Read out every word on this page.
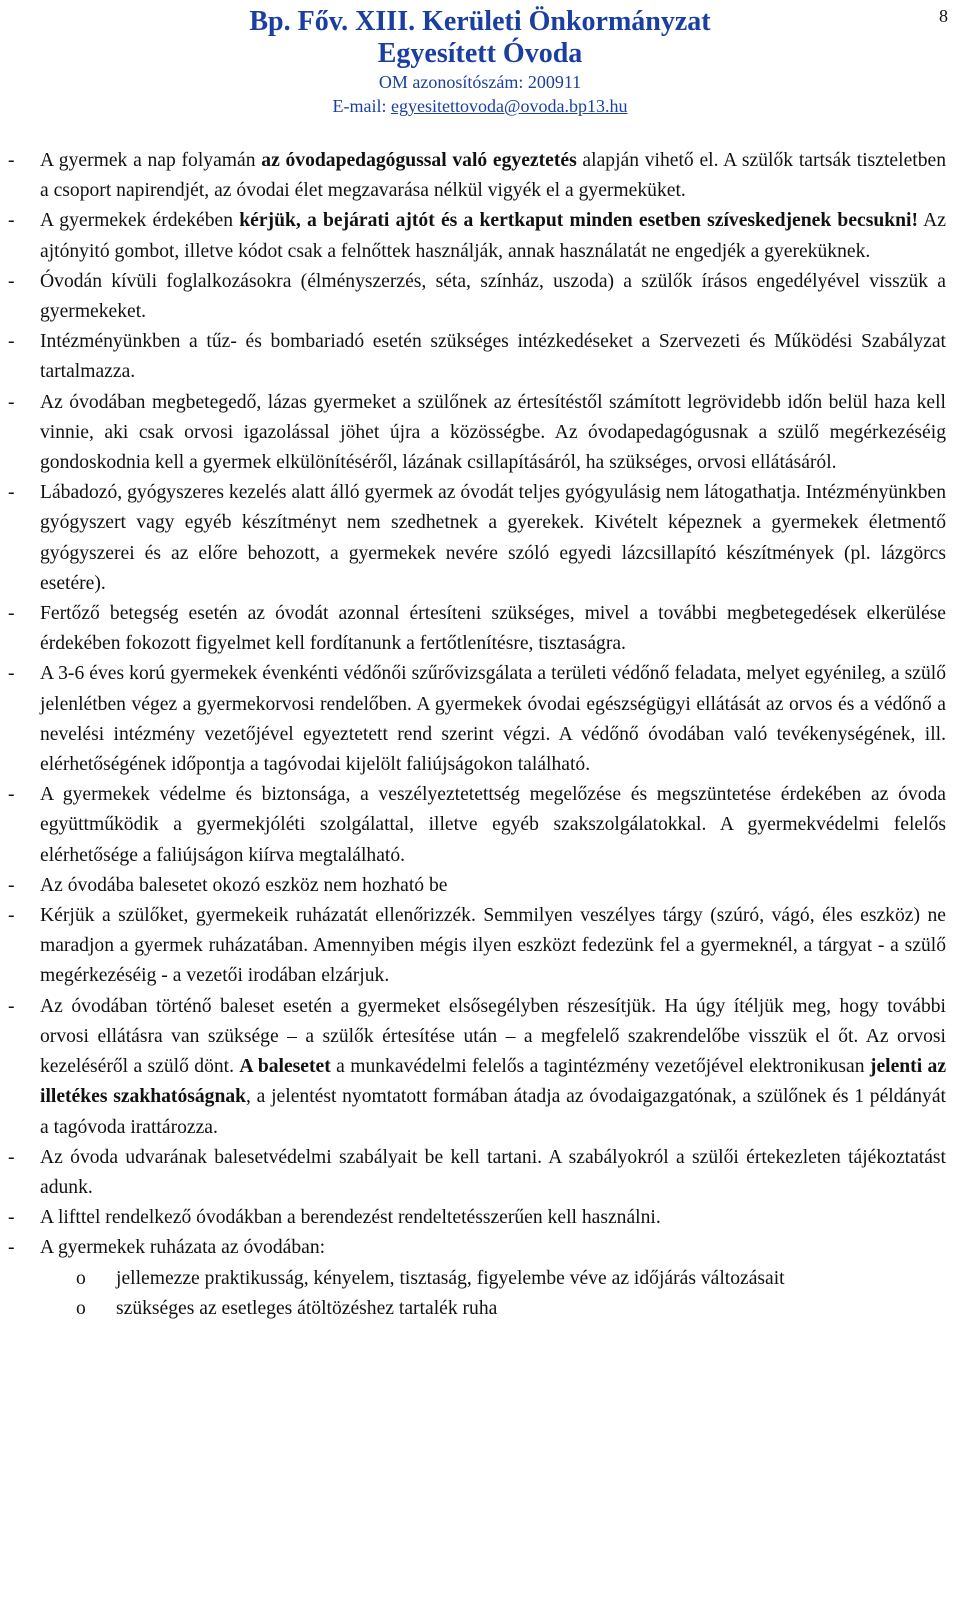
Bp. Főv. XIII. Kerületi Önkormányzat
Egyesített Óvoda
OM azonosítószám: 200911
E-mail: egyesitettovoda@ovoda.bp13.hu
8

-	A gyermek a nap folyamán az óvodapedagógussal való egyeztetés alapján vihető el. A szülők tartsák tiszteletben a csoport napirendjét, az óvodai élet megzavarása nélkül vigyék el a gyermeküket.

-	A gyermekek érdekében kérjük, a bejárati ajtót és a kertkaput minden esetben szíveskedjenek becsukni! Az ajtónyitó gombot, illetve kódot csak a felnőttek használják, annak használatát ne engedjék a gyereküknek.

-	Óvodán kívüli foglalkozásokra (élményszerzés, séta, színház, uszoda) a szülők írásos engedélyével visszük a gyermekeket.

-	Intézményünkben a tűz- és bombariadó esetén szükséges intézkedéseket a Szervezeti és Működési Szabályzat tartalmazza.

-	Az óvodában megbetegedő, lázas gyermeket a szülőnek az értesítéstől számított legrövidebb időn belül haza kell vinnie, aki csak orvosi igazolással jöhet újra a közösségbe. Az óvodapedagógusnak a szülő megérkezéséig gondoskodnia kell a gyermek elkülönítéséről, lázának csillapításáról, ha szükséges, orvosi ellátásáról.

-	Lábadozó, gyógyszeres kezelés alatt álló gyermek az óvodát teljes gyógyulásig nem látogathatja. Intézményünkben gyógyszert vagy egyéb készítményt nem szedhetnek a gyerekek. Kivételt képeznek a gyermekek életmentő gyógyszerei és az előre behozott, a gyermekek nevére szóló egyedi lázcsillapító készítmények (pl. lázgörcs esetére).

-	Fertőző betegség esetén az óvodát azonnal értesíteni szükséges, mivel a további megbetegedések elkerülése érdekében fokozott figyelmet kell fordítanunk a fertőtlenítésre, tisztaságra.

-	A 3-6 éves korú gyermekek évenkénti védőnői szűrővizsgálata a területi védőnő feladata, melyet egyénileg, a szülő jelenlétben végez a gyermekorvosi rendelőben. A gyermekek óvodai egészségügyi ellátását az orvos és a védőnő a nevelési intézmény vezetőjével egyeztetett rend szerint végzi. A védőnő óvodában való tevékenységének, ill. elérhetőségének időpontja a tagóvodai kijelölt faliújságokon található.

-	A gyermekek védelme és biztonsága, a veszélyeztetettség megelőzése és megszüntetése érdekében az óvoda együttműködik a gyermekjóléti szolgálattal, illetve egyéb szakszolgálatokkal. A gyermekvédelmi felelős elérhetősége a faliújságon kiírva megtalálható.

-	Az óvodába balesetet okozó eszköz nem hozható be

-	Kérjük a szülőket, gyermekeik ruházatát ellenőrizzék. Semmilyen veszélyes tárgy (szúró, vágó, éles eszköz) ne maradjon a gyermek ruházatában. Amennyiben mégis ilyen eszközt fedezünk fel a gyermeknél, a tárgyat - a szülő megérkezéséig - a vezetői irodában elzárjuk.

-	Az óvodában történő baleset esetén a gyermeket elsősegélyben részesítjük. Ha úgy ítéljük meg, hogy további orvosi ellátásra van szüksége – a szülők értesítése után – a megfelelő szakrendelőbe visszük el őt. Az orvosi kezeléséről a szülő dönt. A balesetet a munkavédelmi felelős a tagintézmény vezetőjével elektronikusan jelenti az illetékes szakhatóságnak, a jelentést nyomtatott formában átadja az óvodaigazgatónak, a szülőnek és 1 példányát a tagóvoda irattározza.

-	Az óvoda udvarának balesetvédelmi szabályait be kell tartani. A szabályokról a szülői értekezleten tájékoztatást adunk.

-	A lifttel rendelkező óvodákban a berendezést rendeltetésszerűen kell használni.

-	A gyermekek ruházata az óvodában:

o jellemezze praktikusság, kényelem, tisztaság, figyelembe véve az időjárás változásait

o szükséges az esetleges átöltözéshez tartalék ruha
